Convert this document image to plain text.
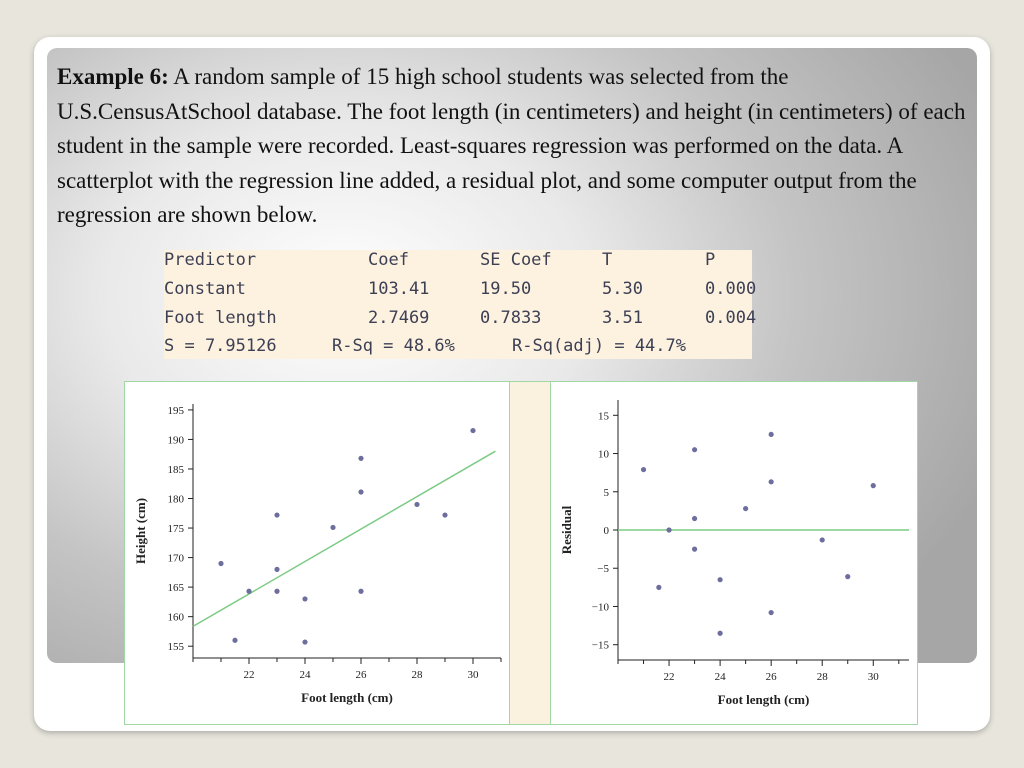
Example 6: A random sample of 15 high school students was selected from the U.S.CensusAtSchool database. The foot length (in centimeters) and height (in centimeters) of each student in the sample were recorded. Least-squares regression was performed on the data. A scatterplot with the regression line added, a residual plot, and some computer output from the regression are shown below.
Predictor	Coef	SE Coef	T	P
Constant	103.41	19.50	5.30	0.000
Foot length	2.7469	0.7833	3.51	0.004
S = 7.95126	R-Sq = 48.6%	R-Sq(adj) = 44.7%
155
160
165
170
175
180
185
190
195
22	24	26	28	30
Foot length (cm)
Height (cm)
−15
−10
−5
0
5
10
15
22	24	26	28	30
Foot length (cm)
Residual
